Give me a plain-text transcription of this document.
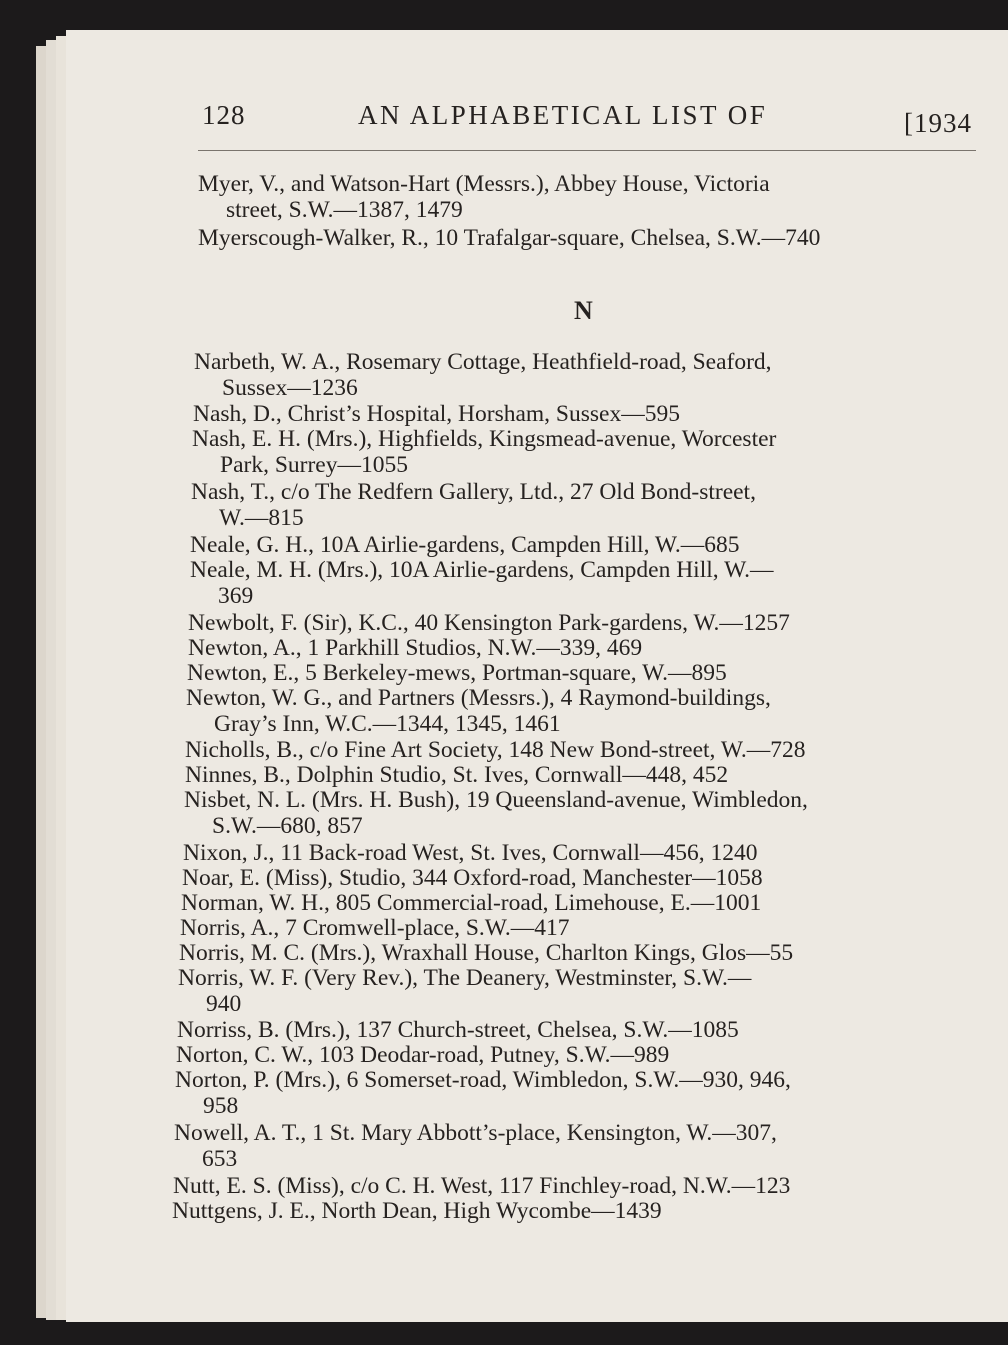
128	AN ALPHABETICAL LIST OF	[1934
Myer, V., and Watson-Hart (Messrs.), Abbey House, Victoria
street, S.W.—1387, 1479
Myerscough-Walker, R., 10 Trafalgar-square, Chelsea, S.W.—740
N
Narbeth, W. A., Rosemary Cottage, Heathfield-road, Seaford,
Sussex—1236
Nash, D., Christ’s Hospital, Horsham, Sussex—595
Nash, E. H. (Mrs.), Highfields, Kingsmead-avenue, Worcester
Park, Surrey—1055
Nash, T., c/o The Redfern Gallery, Ltd., 27 Old Bond-street,
W.—815
Neale, G. H., 10A Airlie-gardens, Campden Hill, W.—685
Neale, M. H. (Mrs.), 10A Airlie-gardens, Campden Hill, W.—
369
Newbolt, F. (Sir), K.C., 40 Kensington Park-gardens, W.—1257
Newton, A., 1 Parkhill Studios, N.W.—339, 469
Newton, E., 5 Berkeley-mews, Portman-square, W.—895
Newton, W. G., and Partners (Messrs.), 4 Raymond-buildings,
Gray’s Inn, W.C.—1344, 1345, 1461
Nicholls, B., c/o Fine Art Society, 148 New Bond-street, W.—728
Ninnes, B., Dolphin Studio, St. Ives, Cornwall—448, 452
Nisbet, N. L. (Mrs. H. Bush), 19 Queensland-avenue, Wimbledon,
S.W.—680, 857
Nixon, J., 11 Back-road West, St. Ives, Cornwall—456, 1240
Noar, E. (Miss), Studio, 344 Oxford-road, Manchester—1058
Norman, W. H., 805 Commercial-road, Limehouse, E.—1001
Norris, A., 7 Cromwell-place, S.W.—417
Norris, M. C. (Mrs.), Wraxhall House, Charlton Kings, Glos—55
Norris, W. F. (Very Rev.), The Deanery, Westminster, S.W.—
940
Norriss, B. (Mrs.), 137 Church-street, Chelsea, S.W.—1085
Norton, C. W., 103 Deodar-road, Putney, S.W.—989
Norton, P. (Mrs.), 6 Somerset-road, Wimbledon, S.W.—930, 946,
958
Nowell, A. T., 1 St. Mary Abbott’s-place, Kensington, W.—307,
653
Nutt, E. S. (Miss), c/o C. H. West, 117 Finchley-road, N.W.—123
Nuttgens, J. E., North Dean, High Wycombe—1439
